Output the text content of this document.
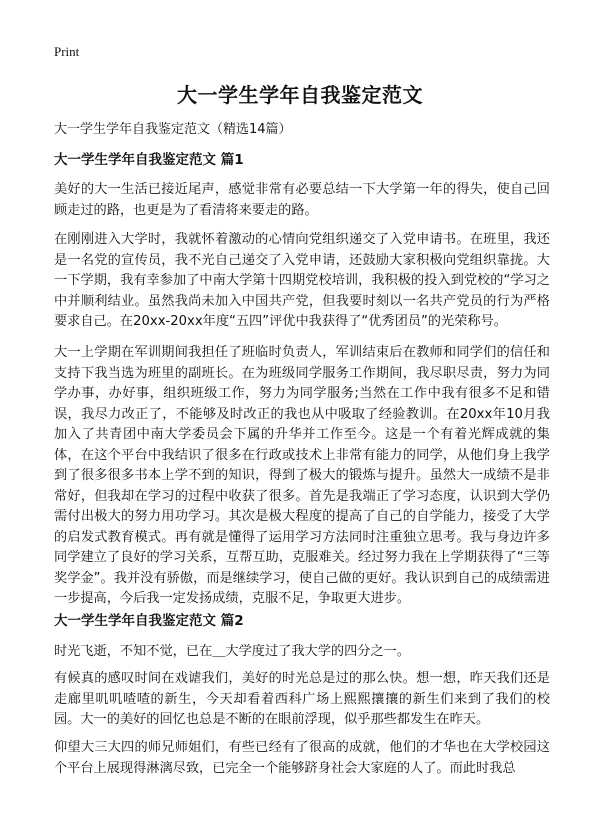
Print
大一学生学年自我鉴定范文
大一学生学年自我鉴定范文（精选14篇）
大一学生学年自我鉴定范文 篇1

美好的大一生活已接近尾声，感觉非常有必要总结一下大学第一年的得失，使自己回顾走过的路，也更是为了看清将来要走的路。

在刚刚进入大学时，我就怀着激动的心情向党组织递交了入党申请书。在班里，我还是一名党的宣传员，我不光自己递交了入党申请，还鼓励大家积极向党组织靠拢。大一下学期，我有幸参加了中南大学第十四期党校培训，我积极的投入到党校的“学习之中并顺利结业。虽然我尚未加入中国共产党，但我要时刻以一名共产党员的行为严格要求自己。在20xx-20xx年度“五四”评优中我获得了“优秀团员”的光荣称号。

大一上学期在军训期间我担任了班临时负责人，军训结束后在教师和同学们的信任和支持下我当选为班里的副班长。在为班级同学服务工作期间，我尽职尽责，努力为同学办事，办好事，组织班级工作，努力为同学服务;当然在工作中我有很多不足和错误，我尽力改正了，不能够及时改正的我也从中吸取了经验教训。在20xx年10月我加入了共青团中南大学委员会下属的升华并工作至今。这是一个有着光辉成就的集体，在这个平台中我结识了很多在行政或技术上非常有能力的同学，从他们身上我学到了很多很多书本上学不到的知识，得到了极大的锻炼与提升。虽然大一成绩不是非常好，但我却在学习的过程中收获了很多。首先是我端正了学习态度，认识到大学仍需付出极大的努力用功学习。其次是极大程度的提高了自己的自学能力，接受了大学的启发式教育模式。再有就是懂得了运用学习方法同时注重独立思考。我与身边许多同学建立了良好的学习关系，互帮互助，克服难关。经过努力我在上学期获得了“三等奖学金”。我并没有骄傲，而是继续学习，使自己做的更好。我认识到自己的成绩需进一步提高，今后我一定发扬成绩，克服不足，争取更大进步。

大一学生学年自我鉴定范文 篇2

时光飞逝，不知不觉，已在＿大学度过了我大学的四分之一。

有候真的感叹时间在戏谑我们，美好的时光总是过的那么快。想一想，昨天我们还是走廊里叽叽喳喳的新生，今天却看着西科广场上熙熙攘攘的新生们来到了我们的校园。大一的美好的回忆也总是不断的在眼前浮现，似乎那些都发生在昨天。

仰望大三大四的师兄师姐们，有些已经有了很高的成就，他们的才华也在大学校园这个平台上展现得淋漓尽致，已完全一个能够跻身社会大家庭的人了。而此时我总
